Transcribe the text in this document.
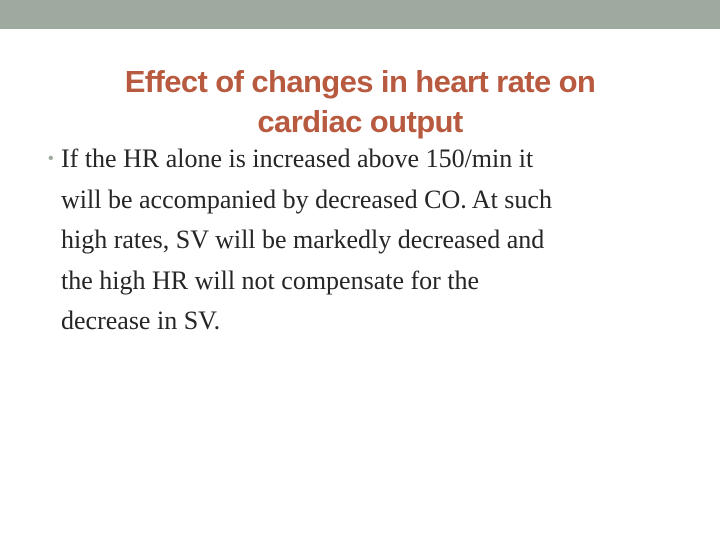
Effect of changes in heart rate on
cardiac output
• If the HR alone is increased above 150/min it
will be accompanied by decreased CO. At such
high rates, SV will be markedly decreased and
the high HR will not compensate for the
decrease in SV.
